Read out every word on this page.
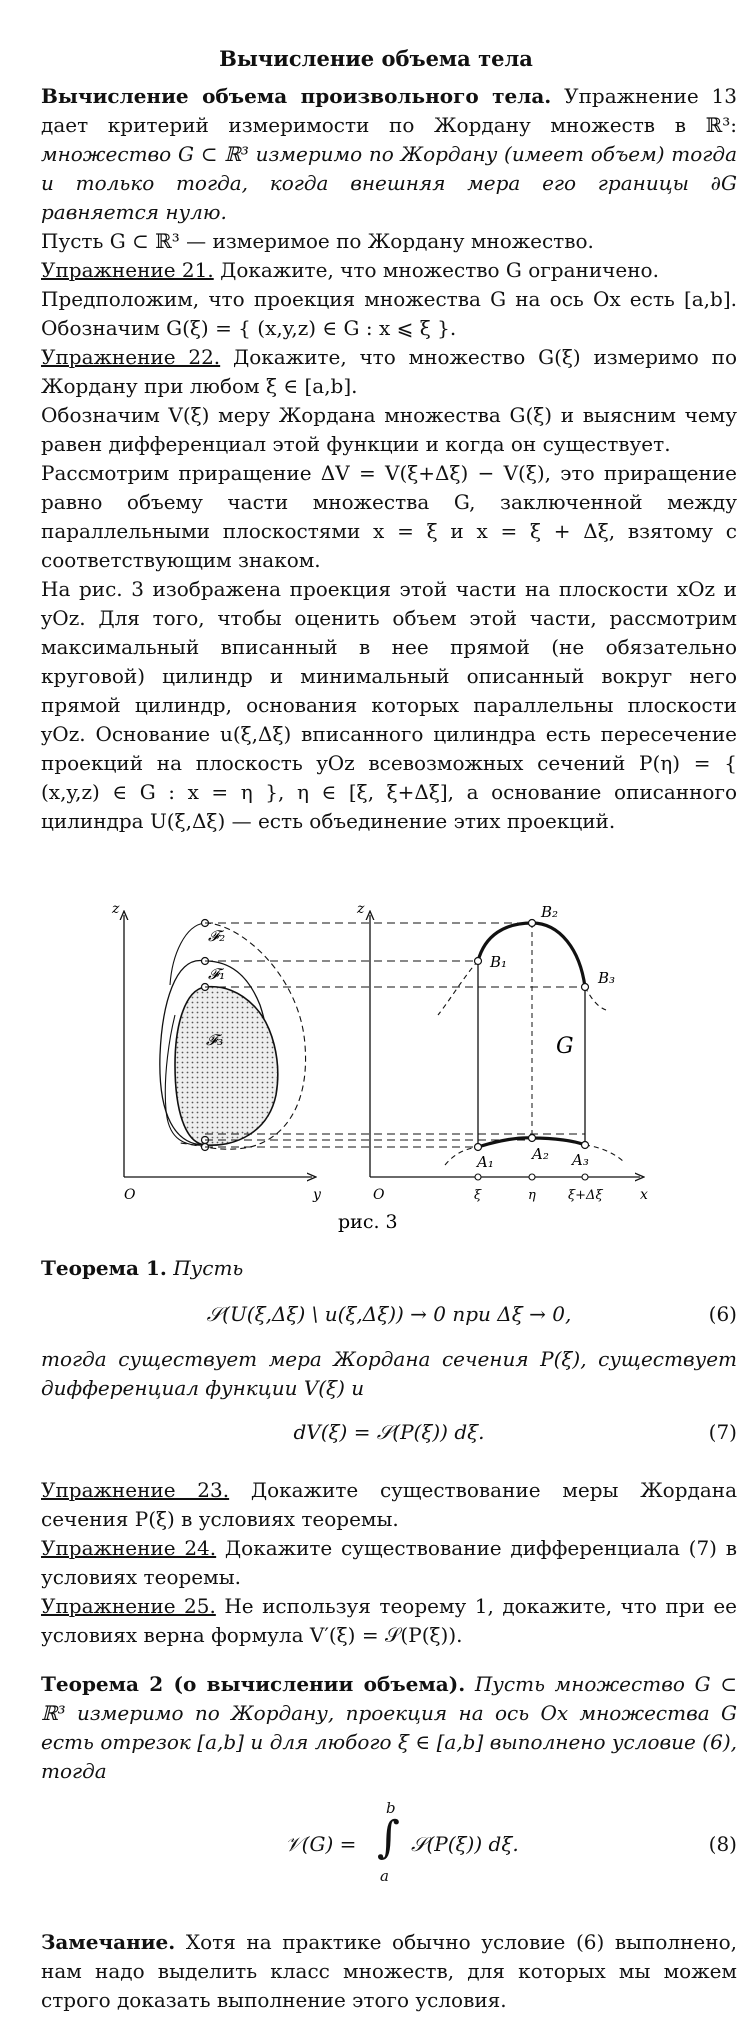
Вычисление объема тела

Вычисление объема произвольного тела. Упражнение 13 дает критерий измеримости по Жордану множеств в ℝ³: множество G ⊂ ℝ³ измеримо по Жордану (имеет объем) тогда и только тогда, когда внешняя мера его границы ∂G равняется нулю.

Пусть G ⊂ ℝ³ — измеримое по Жордану множество.

Упражнение 21. Докажите, что множество G ограничено.

Предположим, что проекция множества G на ось Ox есть [a,b]. Обозначим G(ξ) = { (x,y,z) ∈ G : x ⩽ ξ }.

Упражнение 22. Докажите, что множество G(ξ) измеримо по Жордану при любом ξ ∈ [a,b].

Обозначим V(ξ) меру Жордана множества G(ξ) и выясним чему равен дифференциал этой функции и когда он существует.

Рассмотрим приращение ΔV = V(ξ+Δξ) − V(ξ), это приращение равно объему части множества G, заключенной между параллельными плоскостями x = ξ и x = ξ + Δξ, взятому с соответствующим знаком.

На рис. 3 изображена проекция этой части на плоскости xOz и yOz. Для того, чтобы оценить объем этой части, рассмотрим максимальный вписанный в нее прямой (не обязательно круговой) цилиндр и минимальный описанный вокруг него прямой цилиндр, основания которых параллельны плоскости yOz. Основание u(ξ,Δξ) вписанного цилиндра есть пересечение проекций на плоскость yOz всевозможных сечений P(η) = { (x,y,z) ∈ G : x = η }, η ∈ [ξ, ξ+Δξ], а основание описанного цилиндра U(ξ,Δξ) — есть объединение этих проекций.

z
y
O
𝓕₂
𝓕₁
𝓕₃
z
x
O
B₂
B₁
B₃
G
A₁	A₂ A₃
ξ	η ξ+Δξ
рис. 3

Теорема 1. Пусть

𝒮(U(ξ,Δξ) \ u(ξ,Δξ)) → 0 при Δξ → 0,	(6)

тогда существует мера Жордана сечения P(ξ), существует дифференциал функции V(ξ) и

dV(ξ) = 𝒮(P(ξ)) dξ.	(7)

Упражнение 23. Докажите существование меры Жордана сечения P(ξ) в условиях теоремы.

Упражнение 24. Докажите существование дифференциала (7) в условиях теоремы.

Упражнение 25. Не используя теорему 1, докажите, что при ее условиях верна формула V′(ξ) = 𝒮(P(ξ)).

Теорема 2 (о вычислении объема). Пусть множество G ⊂ ℝ³ измеримо по Жордану, проекция на ось Ox множества G есть отрезок [a,b] и для любого ξ ∈ [a,b] выполнено условие (6), тогда

𝒱(G) = ∫
b
a
𝒮(P(ξ)) dξ.	(8)

Замечание. Хотя на практике обычно условие (6) выполнено, нам надо выделить класс множеств, для которых мы можем строго доказать выполнение этого условия.
